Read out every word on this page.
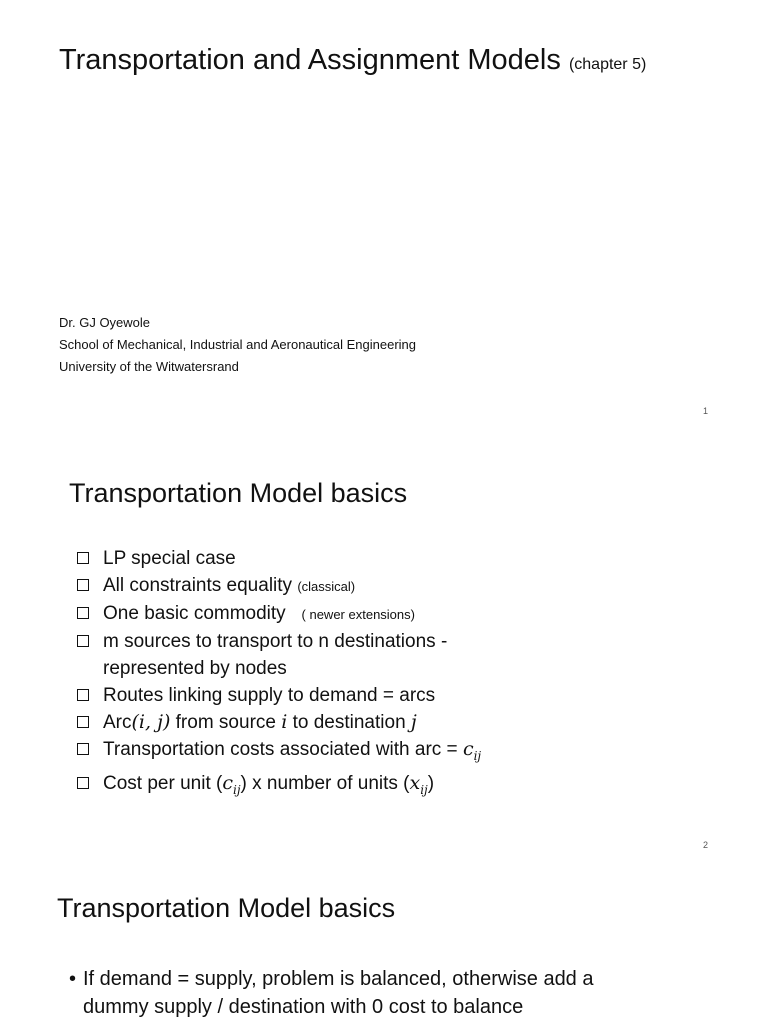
Transportation and Assignment Models (chapter 5)
Dr. GJ Oyewole
School of Mechanical, Industrial and Aeronautical Engineering
University of the Witwatersrand
1
Transportation Model basics
LP special case
All constraints equality (classical)
One basic commodity   ( newer extensions)
m sources to transport to n destinations -
represented by nodes
Routes linking supply to demand = arcs
Arc(i, j) from source i to destination j
Transportation costs associated with arc = $c_{ij}$
Cost per unit $(c_{ij})$ x number of units $(x_{ij})$
2
Transportation Model basics
• If demand = supply, problem is balanced, otherwise add a
dummy supply / destination with 0 cost to balance
